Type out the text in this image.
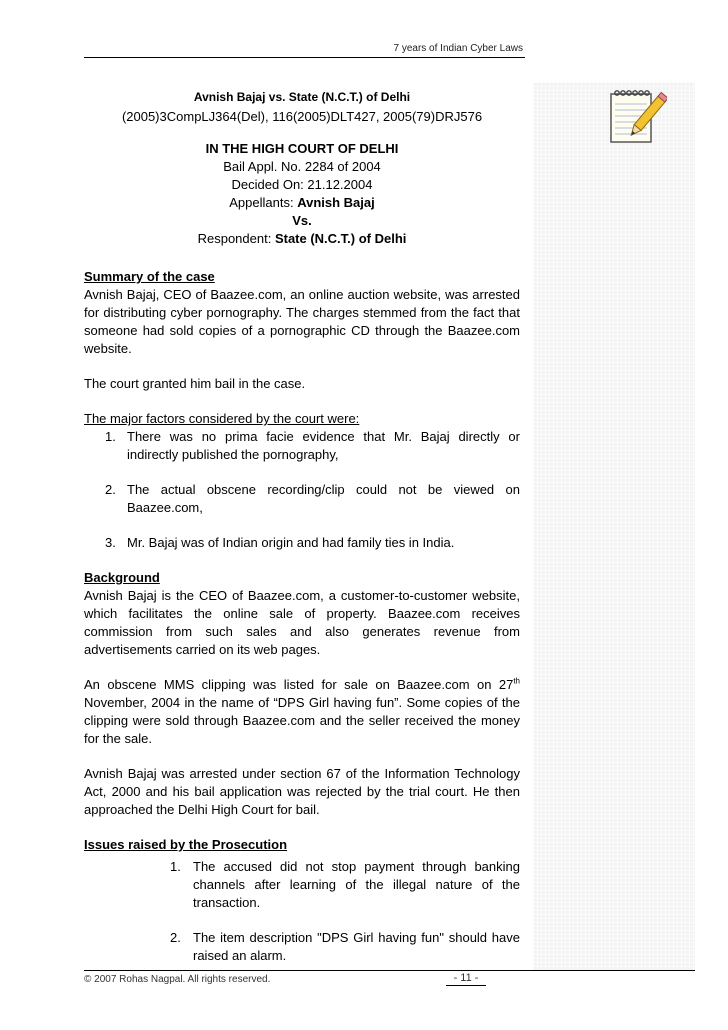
7 years of Indian Cyber Laws
Avnish Bajaj vs. State (N.C.T.) of Delhi
(2005)3CompLJ364(Del), 116(2005)DLT427, 2005(79)DRJ576
IN THE HIGH COURT OF DELHI
Bail Appl. No. 2284 of 2004
Decided On: 21.12.2004
Appellants: Avnish Bajaj
Vs.
Respondent: State (N.C.T.) of Delhi
Summary of the case

Avnish Bajaj, CEO of Baazee.com, an online auction website, was arrested for distributing cyber pornography. The charges stemmed from the fact that someone had sold copies of a pornographic CD through the Baazee.com website.

The court granted him bail in the case.

The major factors considered by the court were:
1. There was no prima facie evidence that Mr. Bajaj directly or indirectly published the pornography,
2. The actual obscene recording/clip could not be viewed on Baazee.com,
3. Mr. Bajaj was of Indian origin and had family ties in India.
Background

Avnish Bajaj is the CEO of Baazee.com, a customer-to-customer website, which facilitates the online sale of property. Baazee.com receives commission from such sales and also generates revenue from advertisements carried on its web pages.

An obscene MMS clipping was listed for sale on Baazee.com on 27th November, 2004 in the name of “DPS Girl having fun”. Some copies of the clipping were sold through Baazee.com and the seller received the money for the sale.

Avnish Bajaj was arrested under section 67 of the Information Technology Act, 2000 and his bail application was rejected by the trial court. He then approached the Delhi High Court for bail.

Issues raised by the Prosecution
1. The accused did not stop payment through banking channels after learning of the illegal nature of the transaction.
2. The item description "DPS Girl having fun" should have raised an alarm.
© 2007 Rohas Nagpal. All rights reserved.	- 11 -
